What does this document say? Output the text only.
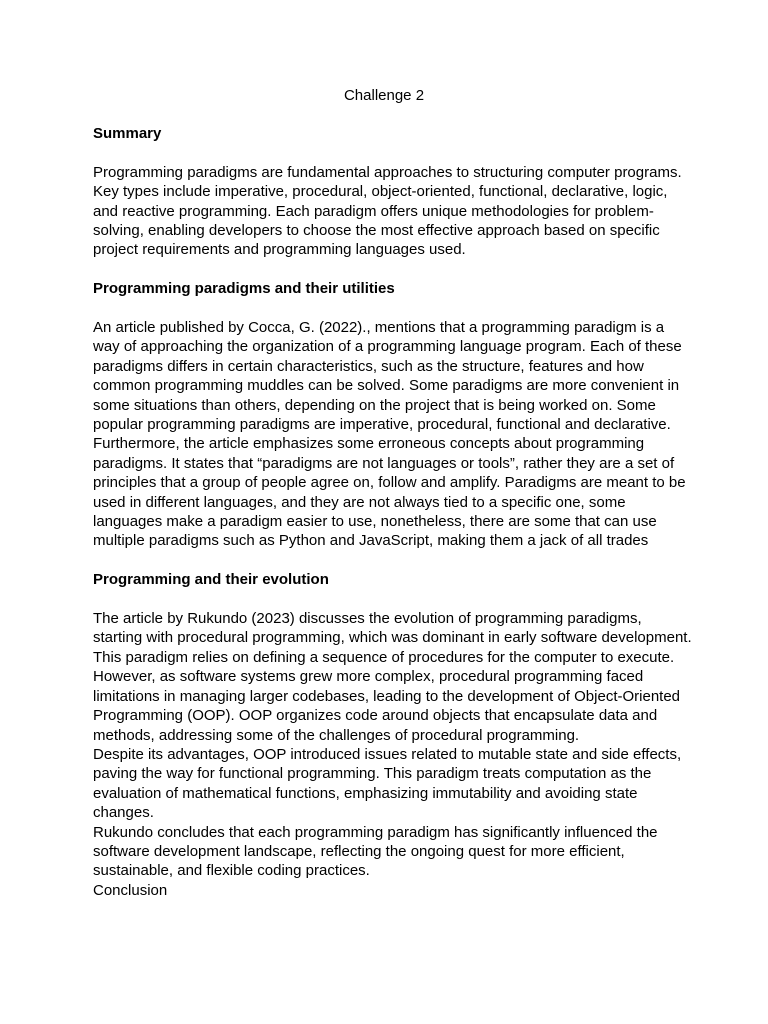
Challenge 2

Summary

Programming paradigms are fundamental approaches to structuring computer programs. Key types include imperative, procedural, object-oriented, functional, declarative, logic, and reactive programming. Each paradigm offers unique methodologies for problem-solving, enabling developers to choose the most effective approach based on specific project requirements and programming languages used.

Programming paradigms and their utilities

An article published by Cocca, G. (2022)., mentions that a programming paradigm is a way of approaching the organization of a programming language program. Each of these paradigms differs in certain characteristics, such as the structure, features and how common programming muddles can be solved. Some paradigms are more convenient in some situations than others, depending on the project that is being worked on. Some popular programming paradigms are imperative, procedural, functional and declarative. Furthermore, the article emphasizes some erroneous concepts about programming paradigms. It states that “paradigms are not languages or tools”, rather they are a set of principles that a group of people agree on, follow and amplify. Paradigms are meant to be used in different languages, and they are not always tied to a specific one, some languages make a paradigm easier to use, nonetheless, there are some that can use multiple paradigms such as Python and JavaScript, making them a jack of all trades

Programming and their evolution

The article by Rukundo (2023) discusses the evolution of programming paradigms, starting with procedural programming, which was dominant in early software development. This paradigm relies on defining a sequence of procedures for the computer to execute. However, as software systems grew more complex, procedural programming faced limitations in managing larger codebases, leading to the development of Object-Oriented Programming (OOP). OOP organizes code around objects that encapsulate data and methods, addressing some of the challenges of procedural programming.

Despite its advantages, OOP introduced issues related to mutable state and side effects, paving the way for functional programming. This paradigm treats computation as the evaluation of mathematical functions, emphasizing immutability and avoiding state changes.

Rukundo concludes that each programming paradigm has significantly influenced the software development landscape, reflecting the ongoing quest for more efficient, sustainable, and flexible coding practices.

Conclusion
